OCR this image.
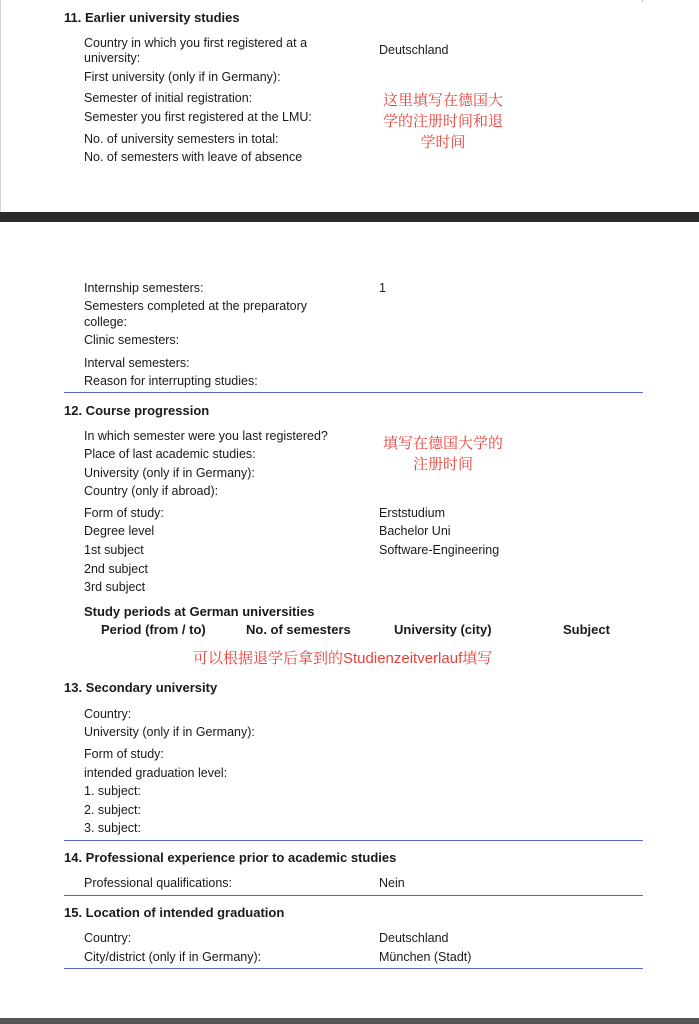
11. Earlier university studies
Country in which you first registered at a
university:
Deutschland
First university (only if in Germany):
Semester of initial registration:
Semester you first registered at the LMU:
No. of university semesters in total:
No. of semesters with leave of absence
这里填写在德国大
学的注册时间和退
学时间
Internship semesters:	1
Semesters completed at the preparatory
college:
Clinic semesters:
Interval semesters:
Reason for interrupting studies:
12. Course progression
In which semester were you last registered?
Place of last academic studies:
University (only if in Germany):
Country (only if abroad):
填写在德国大学的
注册时间
Form of study:	Erststudium
Degree level	Bachelor Uni
1st subject	Software-Engineering
2nd subject
3rd subject
Study periods at German universities
Period (from / to)	No. of semesters	University (city)	Subject
可以根据退学后拿到的Studienzeitverlauf填写
13. Secondary university
Country:
University (only if in Germany):
Form of study:
intended graduation level:
1. subject:
2. subject:
3. subject:
14. Professional experience prior to academic studies
Professional qualifications:	Nein
15. Location of intended graduation
Country:	Deutschland
City/district (only if in Germany):	München (Stadt)
